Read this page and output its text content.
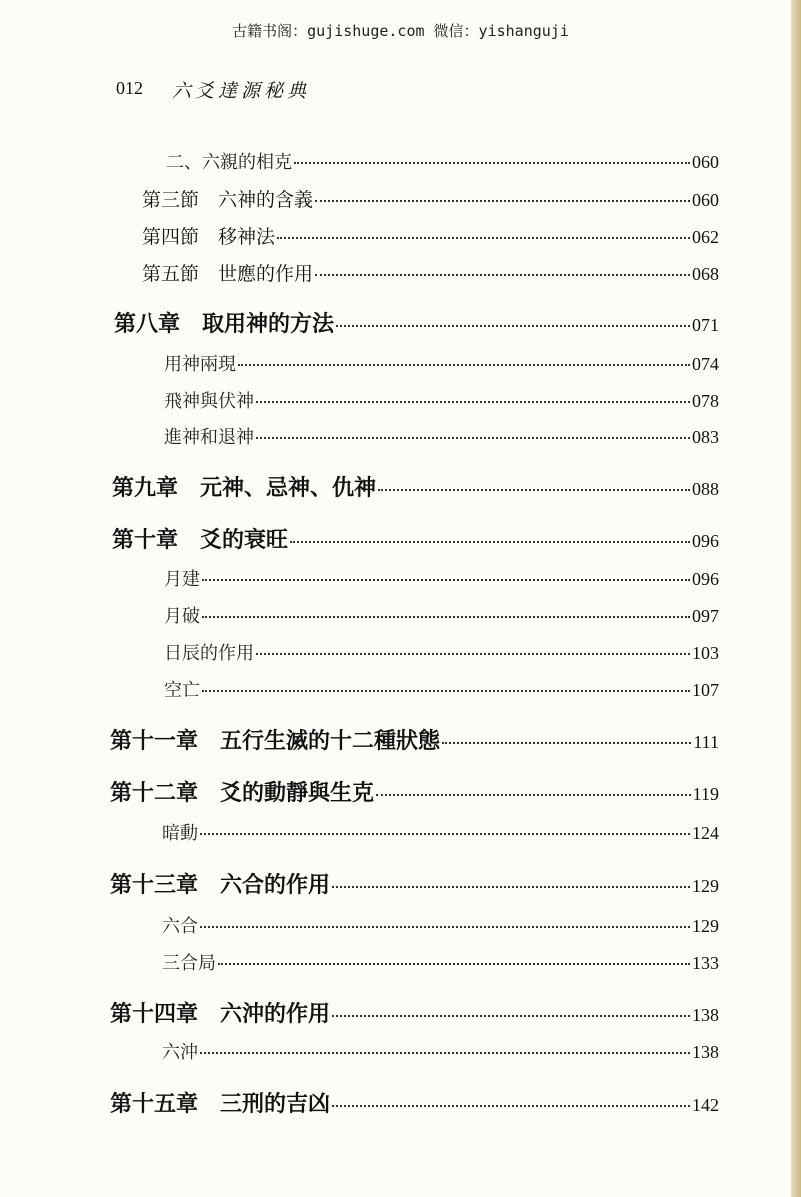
古籍书阁：gujishuge.com 微信：yishanguji
012 六爻達源秘典
二、六親的相克	060
第三節　六神的含義	060
第四節　移神法	062
第五節　世應的作用	068
第八章　取用神的方法	071
用神兩現	074
飛神與伏神	078
進神和退神	083
第九章　元神、忌神、仇神	088
第十章　爻的衰旺	096
月建	096
月破	097
日辰的作用	103
空亡	107
第十一章　五行生滅的十二種狀態	111
第十二章　爻的動靜與生克	119
暗動	124
第十三章　六合的作用	129
六合	129
三合局	133
第十四章　六沖的作用	138
六沖	138
第十五章　三刑的吉凶	142
